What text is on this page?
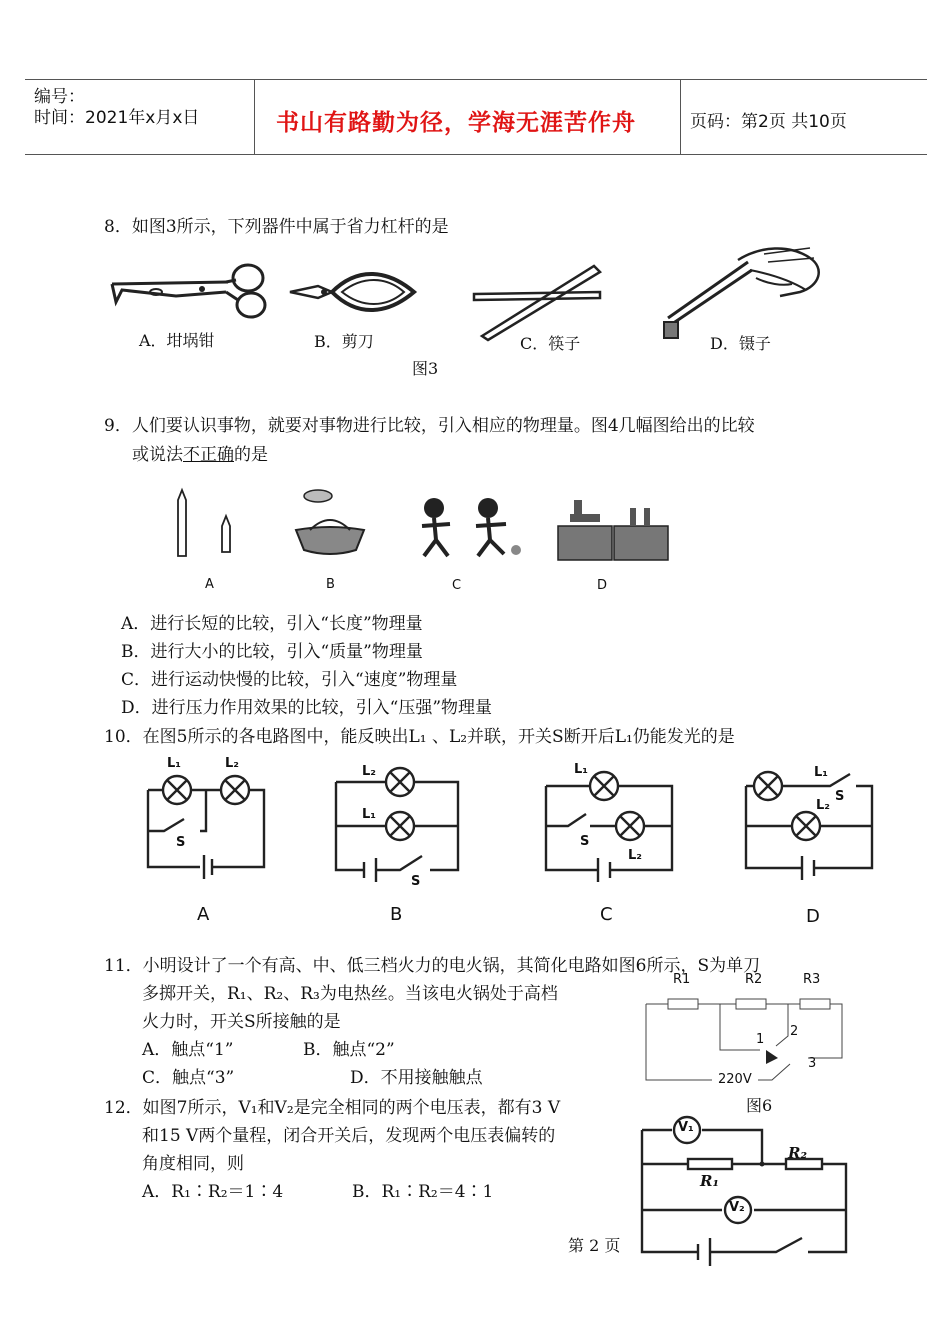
编号：
时间：2021年x月x日	书山有路勤为径，学海无涯苦作舟	页码：第2页 共10页
8．如图3所示，下列器件中属于省力杠杆的是
A．坩埚钳	B．剪刀	C．筷子	D．镊子
图3
9．人们要认识事物，就要对事物进行比较，引入相应的物理量。图4几幅图给出的比较
或说法不正确的是
A	B	C	D
A．进行长短的比较，引入“长度”物理量
B．进行大小的比较，引入“质量”物理量
C．进行运动快慢的比较，引入“速度”物理量
D．进行压力作用效果的比较，引入“压强”物理量
10．在图5所示的各电路图中，能反映出L₁ 、L₂并联，开关S断开后L₁仍能发光的是
L₁	L₂
S
A
L₂
L₁
S
B
L₁
S
L₂
C
L₁
S
L₂
D
11．小明设计了一个有高、中、低三档火力的电火锅，其简化电路如图6所示，S为单刀
多掷开关，R₁、R₂、R₃为电热丝。当该电火锅处于高档
火力时，开关S所接触的是
A．触点“1”	B．触点“2”
C．触点“3”	D．不用接触触点
R1	R2	R3
2
1
3
220V
图6
12．如图7所示，V₁和V₂是完全相同的两个电压表，都有3 V
和15 V两个量程，闭合开关后，发现两个电压表偏转的
角度相同，则
A．R₁∶R₂＝1∶4	B．R₁∶R₂＝4∶1
V₁
R₂
R₁
V₂
第 2 页
